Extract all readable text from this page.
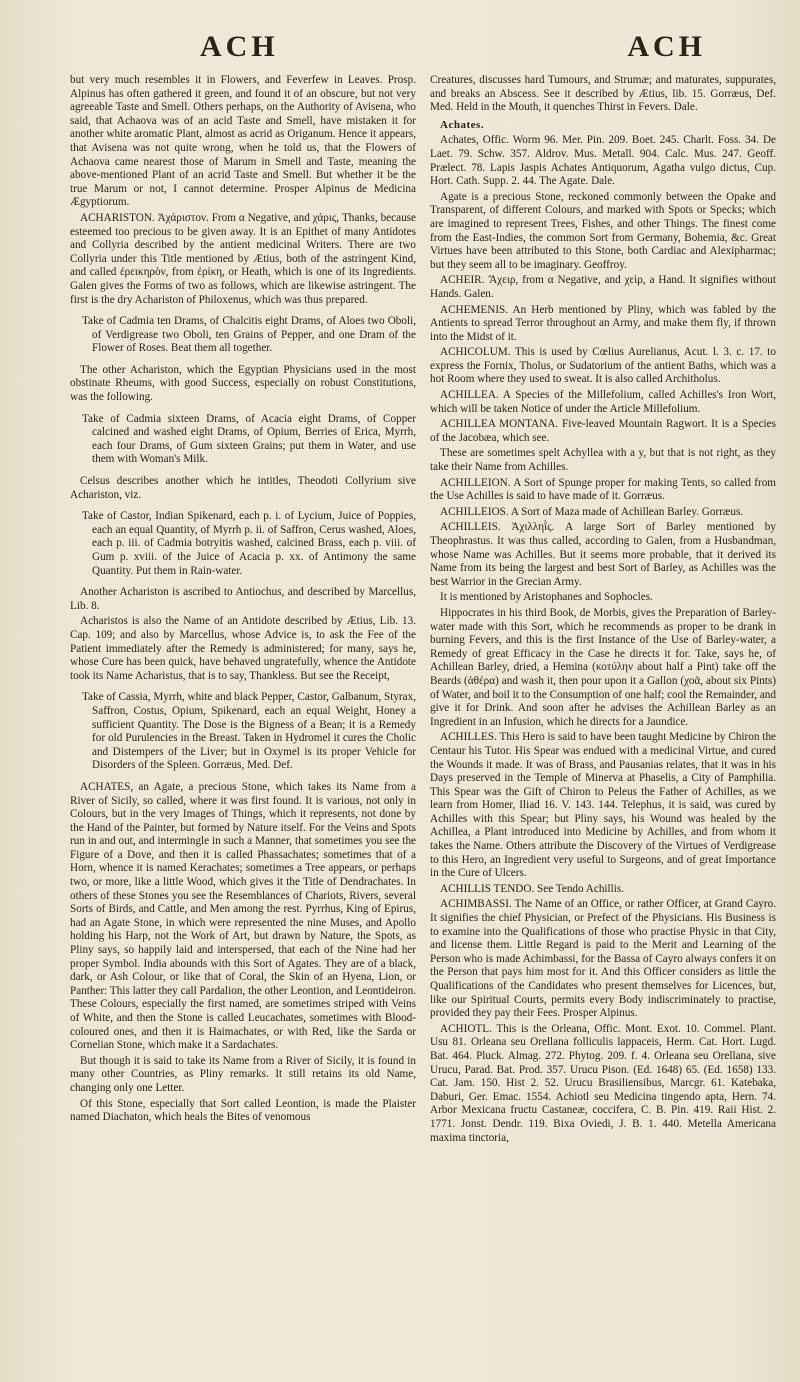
ACH	ACH

but very much resembles it in Flowers, and Feverfew in Leaves. Prosp. Alpinus has often gathered it green, and found it of an obscure, but not very agreeable Taste and Smell. Others perhaps, on the Authority of Avisena, who said, that Achaova was of an acid Taste and Smell, have mistaken it for another white aromatic Plant, almost as acrid as Origanum. Hence it appears, that Avisena was not quite wrong, when he told us, that the Flowers of Achaova came nearest those of Marum in Smell and Taste, meaning the above-mentioned Plant of an acrid Taste and Smell. But whether it be the true Marum or not, I cannot determine. Prosper Alpinus de Medicina Ægyptiorum.

ACHARISTON. Ἀχάριστον. From α Negative, and χάρις, Thanks, because esteemed too precious to be given away. It is an Epithet of many Antidotes and Collyria described by the antient medicinal Writers. There are two Collyria under this Title mentioned by Ætius, both of the astringent Kind, and called ἐρεικηρὸν, from ἐρίκη, or Heath, which is one of its Ingredients. Galen gives the Forms of two as follows, which are likewise astringent. The first is the dry Achariston of Philoxenus, which was thus prepared.

Take of Cadmia ten Drams, of Chalcitis eight Drams, of Aloes two Oboli, of Verdigrease two Oboli, ten Grains of Pepper, and one Dram of the Flower of Roses. Beat them all together.

The other Achariston, which the Egyptian Physicians used in the most obstinate Rheums, with good Success, especially on robust Constitutions, was the following.

Take of Cadmia sixteen Drams, of Acacia eight Drams, of Copper calcined and washed eight Drams, of Opium, Berries of Erica, Myrrh, each four Drams, of Gum sixteen Grains; put them in Water, and use them with Woman's Milk.

Celsus describes another which he intitles, Theodoti Collyrium sive Achariston, viz.

Take of Castor, Indian Spikenard, each p. i. of Lycium, Juice of Poppies, each an equal Quantity, of Myrrh p. ii. of Saffron, Cerus washed, Aloes, each p. iii. of Cadmia botryitis washed, calcined Brass, each p. viii. of Gum p. xviii. of the Juice of Acacia p. xx. of Antimony the same Quantity. Put them in Rain-water.

Another Achariston is ascribed to Antiochus, and described by Marcellus, Lib. 8.

Acharistos is also the Name of an Antidote described by Ætius, Lib. 13. Cap. 109; and also by Marcellus, whose Advice is, to ask the Fee of the Patient immediately after the Remedy is administered; for many, says he, whose Cure has been quick, have behaved ungratefully, whence the Antidote took its Name Acharistus, that is to say, Thankless. But see the Receipt,

Take of Cassia, Myrrh, white and black Pepper, Castor, Galbanum, Styrax, Saffron, Costus, Opium, Spikenard, each an equal Weight, Honey a sufficient Quantity. The Dose is the Bigness of a Bean; it is a Remedy for old Purulencies in the Breast. Taken in Hydromel it cures the Cholic and Distempers of the Liver; but in Oxymel is its proper Vehicle for Disorders of the Spleen. Gorræus, Med. Def.

ACHATES, an Agate, a precious Stone, which takes its Name from a River of Sicily, so called, where it was first found. It is various, not only in Colours, but in the very Images of Things, which it represents, not done by the Hand of the Painter, but formed by Nature itself. For the Veins and Spots run in and out, and intermingle in such a Manner, that sometimes you see the Figure of a Dove, and then it is called Phassachates; sometimes that of a Horn, whence it is named Kerachates; sometimes a Tree appears, or perhaps two, or more, like a little Wood, which gives it the Title of Dendrachates. In others of these Stones you see the Resemblances of Chariots, Rivers, several Sorts of Birds, and Cattle, and Men among the rest. Pyrrhus, King of Epirus, had an Agate Stone, in which were represented the nine Muses, and Apollo holding his Harp, not the Work of Art, but drawn by Nature, the Spots, as Pliny says, so happily laid and interspersed, that each of the Nine had her proper Symbol. India abounds with this Sort of Agates. They are of a black, dark, or Ash Colour, or like that of Coral, the Skin of an Hyena, Lion, or Panther: This latter they call Pardalion, the other Leontion, and Leontideiron. These Colours, especially the first named, are sometimes striped with Veins of White, and then the Stone is called Leucachates, sometimes with Blood-coloured ones, and then it is Haimachates, or with Red, like the Sarda or Cornelian Stone, which make it a Sardachates.

But though it is said to take its Name from a River of Sicily, it is found in many other Countries, as Pliny remarks. It still retains its old Name, changing only one Letter.

Of this Stone, especially that Sort called Leontion, is made the Plaister named Diachaton, which heals the Bites of venomous

Creatures, discusses hard Tumours, and Strumæ; and maturates, suppurates, and breaks an Abscess. See it described by Ætius, lib. 15. Gorræus, Def. Med. Held in the Mouth, it quenches Thirst in Fevers. Dale.

Achates.

Achates, Offic. Worm 96. Mer. Pin. 209. Boet. 245. Charlt. Foss. 34. De Laet. 79. Schw. 357. Aldrov. Mus. Metall. 904. Calc. Mus. 247. Geoff. Prælect. 78. Lapis Jaspis Achates Antiquorum, Agatha vulgo dictus, Cup. Hort. Cath. Supp. 2. 44. The Agate. Dale.

Agate is a precious Stone, reckoned commonly between the Opake and Transparent, of different Colours, and marked with Spots or Specks; which are imagined to represent Trees, Fishes, and other Things. The finest come from the East-Indies, the common Sort from Germany, Bohemia, &c. Great Virtues have been attributed to this Stone, both Cardiac and Alexipharmac; but they seem all to be imaginary. Geoffroy.

ACHEIR. Ἄχειρ, from α Negative, and χεὶρ, a Hand. It signifies without Hands. Galen.

ACHEMENIS. An Herb mentioned by Pliny, which was fabled by the Antients to spread Terror throughout an Army, and make them fly, if thrown into the Midst of it.

ACHICOLUM. This is used by Cœlius Aurelianus, Acut. l. 3. c. 17. to express the Fornix, Tholus, or Sudatorium of the antient Baths, which was a hot Room where they used to sweat. It is also called Architholus.

ACHILLEA. A Species of the Millefolium, called Achilles's Iron Wort, which will be taken Notice of under the Article Millefolium.

ACHILLEA MONTANA. Five-leaved Mountain Ragwort. It is a Species of the Jacobæa, which see.

These are sometimes spelt Achyllea with a y, but that is not right, as they take their Name from Achilles.

ACHILLEION. A Sort of Spunge proper for making Tents, so called from the Use Achilles is said to have made of it. Gorræus.

ACHILLEIOS. A Sort of Maza made of Achillean Barley. Gorræus.

ACHILLEIS. Ἀχιλληῒς. A large Sort of Barley mentioned by Theophrastus. It was thus called, according to Galen, from a Husbandman, whose Name was Achilles. But it seems more probable, that it derived its Name from its being the largest and best Sort of Barley, as Achilles was the best Warrior in the Grecian Army.

It is mentioned by Aristophanes and Sophocles.

Hippocrates in his third Book, de Morbis, gives the Preparation of Barley-water made with this Sort, which he recommends as proper to be drank in burning Fevers, and this is the first Instance of the Use of Barley-water, a Remedy of great Efficacy in the Case he directs it for. Take, says he, of Achillean Barley, dried, a Hemina (κοτύλην about half a Pint) take off the Beards (ἀθέρα) and wash it, then pour upon it a Gallon (χοᾶ, about six Pints) of Water, and boil it to the Consumption of one half; cool the Remainder, and give it for Drink. And soon after he advises the Achillean Barley as an Ingredient in an Infusion, which he directs for a Jaundice.

ACHILLES. This Hero is said to have been taught Medicine by Chiron the Centaur his Tutor. His Spear was endued with a medicinal Virtue, and cured the Wounds it made. It was of Brass, and Pausanias relates, that it was in his Days preserved in the Temple of Minerva at Phaselis, a City of Pamphilia. This Spear was the Gift of Chiron to Peleus the Father of Achilles, as we learn from Homer, Iliad 16. V. 143. 144. Telephus, it is said, was cured by Achilles with this Spear; but Pliny says, his Wound was healed by the Achillea, a Plant introduced into Medicine by Achilles, and from whom it takes the Name. Others attribute the Discovery of the Virtues of Verdigrease to this Hero, an Ingredient very useful to Surgeons, and of great Importance in the Cure of Ulcers.

ACHILLIS TENDO. See Tendo Achillis.

ACHIMBASSI. The Name of an Office, or rather Officer, at Grand Cayro. It signifies the chief Physician, or Prefect of the Physicians. His Business is to examine into the Qualifications of those who practise Physic in that City, and license them. Little Regard is paid to the Merit and Learning of the Person who is made Achimbassi, for the Bassa of Cayro always confers it on the Person that pays him most for it. And this Officer considers as little the Qualifications of the Candidates who present themselves for Licences, but, like our Spiritual Courts, permits every Body indiscriminately to practise, provided they pay their Fees. Prosper Alpinus.

ACHIOTL. This is the Orleana, Offic. Mont. Exot. 10. Commel. Plant. Usu 81. Orleana seu Orellana folliculis lappaceis, Herm. Cat. Hort. Lugd. Bat. 464. Pluck. Almag. 272. Phytog. 209. f. 4. Orleana seu Orellana, sive Urucu, Parad. Bat. Prod. 357. Urucu Pison. (Ed. 1648) 65. (Ed. 1658) 133. Cat. Jam. 150. Hist 2. 52. Urucu Brasiliensibus, Marcgr. 61. Katebaka, Daburi, Ger. Emac. 1554. Achiotl seu Medicina tingendo apta, Hern. 74. Arbor Mexicana fructu Castaneæ, coccifera, C. B. Pin. 419. Raii Hist. 2. 1771. Jonst. Dendr. 119. Bixa Oviedi, J. B. 1. 440. Metella Americana maxima tinctoria,
